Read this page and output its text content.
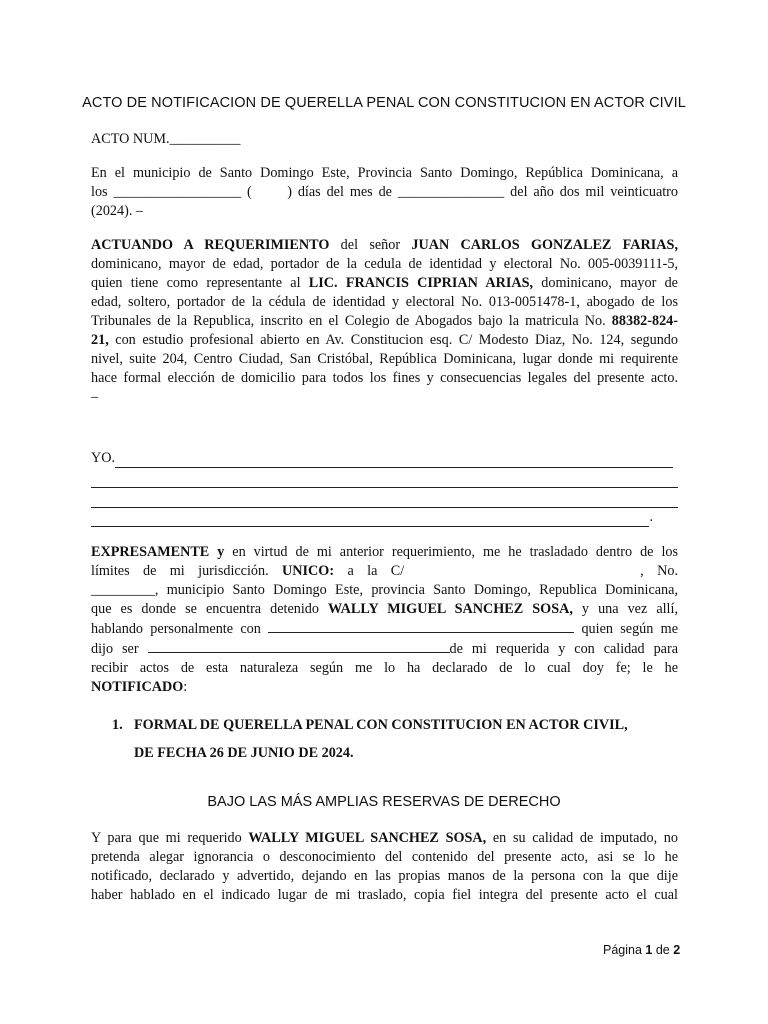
ACTO DE NOTIFICACION DE QUERELLA PENAL CON CONSTITUCION EN ACTOR CIVIL
ACTO NUM.__________
En el municipio de Santo Domingo Este, Provincia Santo Domingo, República Dominicana, a
los __________________ (      ) días del mes de _______________ del año dos mil veinticuatro
(2024). –
ACTUANDO A REQUERIMIENTO del señor JUAN CARLOS GONZALEZ FARIAS,
dominicano, mayor de edad, portador de la cedula de identidad y electoral No. 005-0039111-5,
quien tiene como representante al LIC. FRANCIS CIPRIAN ARIAS, dominicano, mayor de
edad, soltero, portador de la cédula de identidad y electoral No. 013-0051478-1, abogado de los
Tribunales de la Republica, inscrito en el Colegio de Abogados bajo la matricula No. 88382-824-
21, con estudio profesional abierto en Av. Constitucion esq. C/ Modesto Diaz, No. 124, segundo
nivel, suite 204, Centro Ciudad, San Cristóbal, República Dominicana, lugar donde mi requirente
hace formal elección de domicilio para todos los fines y consecuencias legales del presente acto.
–
YO.
.
EXPRESAMENTE y en virtud de mi anterior requerimiento, me he trasladado dentro de los
límites de mi jurisdicción. UNICO: a la C/	, No.
_________, municipio Santo Domingo Este, provincia Santo Domingo, Republica Dominicana,
que es donde se encuentra detenido WALLY MIGUEL SANCHEZ SOSA, y una vez allí,
hablando personalmente con	quien según me
dijo ser	de mi requerida y con calidad para
recibir actos de esta naturaleza según me lo ha declarado de lo cual doy fe; le he
NOTIFICADO:
1. FORMAL DE QUERELLA PENAL CON CONSTITUCION EN ACTOR CIVIL,
DE FECHA 26 DE JUNIO DE 2024.
BAJO LAS MÁS AMPLIAS RESERVAS DE DERECHO
Y para que mi requerido WALLY MIGUEL SANCHEZ SOSA, en su calidad de imputado, no
pretenda alegar ignorancia o desconocimiento del contenido del presente acto, asi se lo he
notificado, declarado y advertido, dejando en las propias manos de la persona con la que dije
haber hablado en el indicado lugar de mi traslado, copia fiel integra del presente acto el cual
Página 1 de 2
